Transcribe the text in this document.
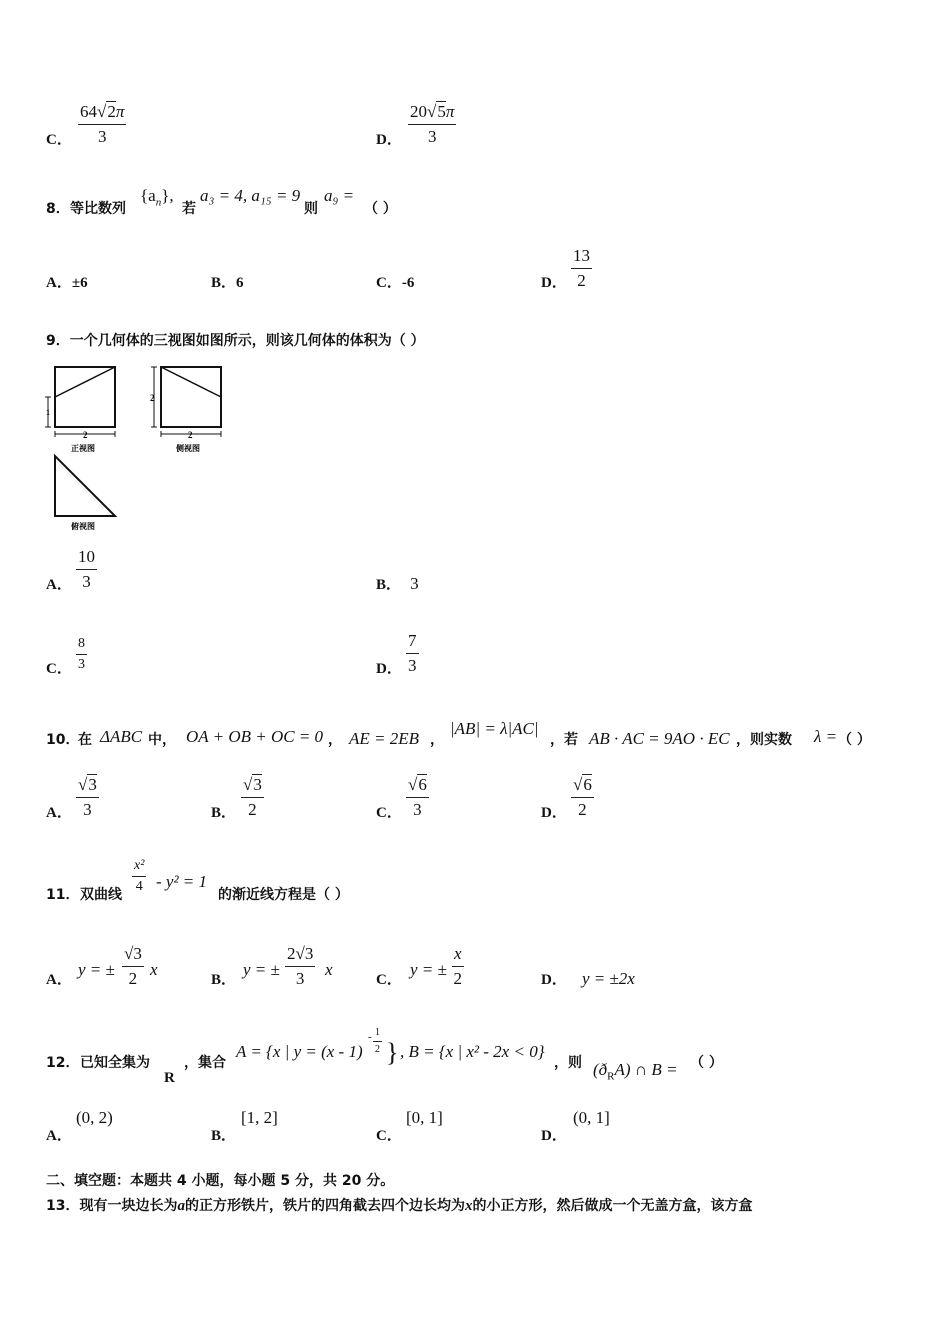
C． $\frac{64√2\pi}{3}$	D． $\frac{20√5\pi}{3}$
8． 等比数列
$\{a_n\}$,
若
a₃ = 4, a₁₅ = 9
则
a₉ =
（ ）
A．±6	B．6	C．-6	D． $\frac{13}{2}$
9．一个几何体的三视图如图所示，则该几何体的体积为（ ）
1
2
正视图
2
2
侧视图
俯视图
A． $\frac{10}{3}$	B． 3
C． $\frac{8}{3}$	D． $\frac{7}{3}$
10．
在 ΔABC 中， OA + OB + OC = 0 ， AE = 2EB ，
|AB| = λ|AC|
，若 AB · AC = 9AO · EC ，则实数 λ = （ ）
A． $\frac{√3}{3}$	B． $\frac{√3}{2}$	C． $\frac{√6}{3}$	D． $\frac{√6}{2}$
11． 双曲线 $\frac{\text{x²}}{4} - y^2 = 1$
的渐近线方程是（ ）
A．
y = ± $\frac{√3}{2}$ x
B．
y = ± $\frac{2√3}{3}$ x
C．
y = ± $\frac{x}{2}$	D． y = ±2x
12． 已知全集为
R
，集合
A = {x | y = (x - 1)
- $\frac{1}{2}$ } , B = {x | x² - 2x < 0}
，则 $(ð_RA)$ ∩ B = （ ）
A．
(0, 2)
B．
[1, 2]
C．
[0, 1]
D．
(0, 1]
二、填空题：本题共 4 小题，每小题 5 分，共 20 分。
13．现有一块边长为a的正方形铁片，铁片的四角截去四个边长均为x的小正方形，然后做成一个无盖方盒，该方盒
